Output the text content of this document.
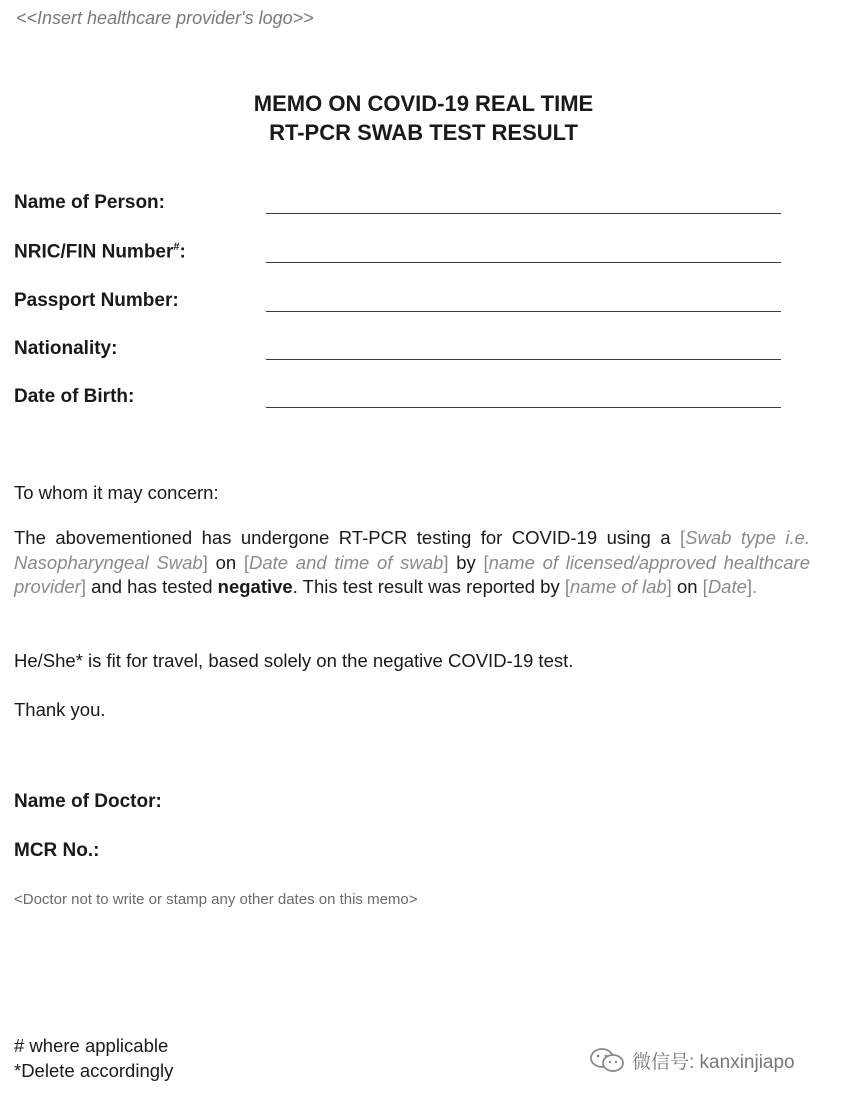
<<Insert healthcare provider's logo>>
MEMO ON COVID-19 REAL TIME
RT-PCR SWAB TEST RESULT
Name of Person:
NRIC/FIN Number#:
Passport Number:
Nationality:
Date of Birth:
To whom it may concern:
The abovementioned has undergone RT-PCR testing for COVID-19 using a [Swab type i.e. Nasopharyngeal Swab] on [Date and time of swab] by [name of licensed/approved healthcare provider] and has tested negative. This test result was reported by [name of lab] on [Date].
He/She* is fit for travel, based solely on the negative COVID-19 test.
Thank you.
Name of Doctor:
MCR No.:
<Doctor not to write or stamp any other dates on this memo>
# where applicable
*Delete accordingly	微信号: kanxinjiapo
